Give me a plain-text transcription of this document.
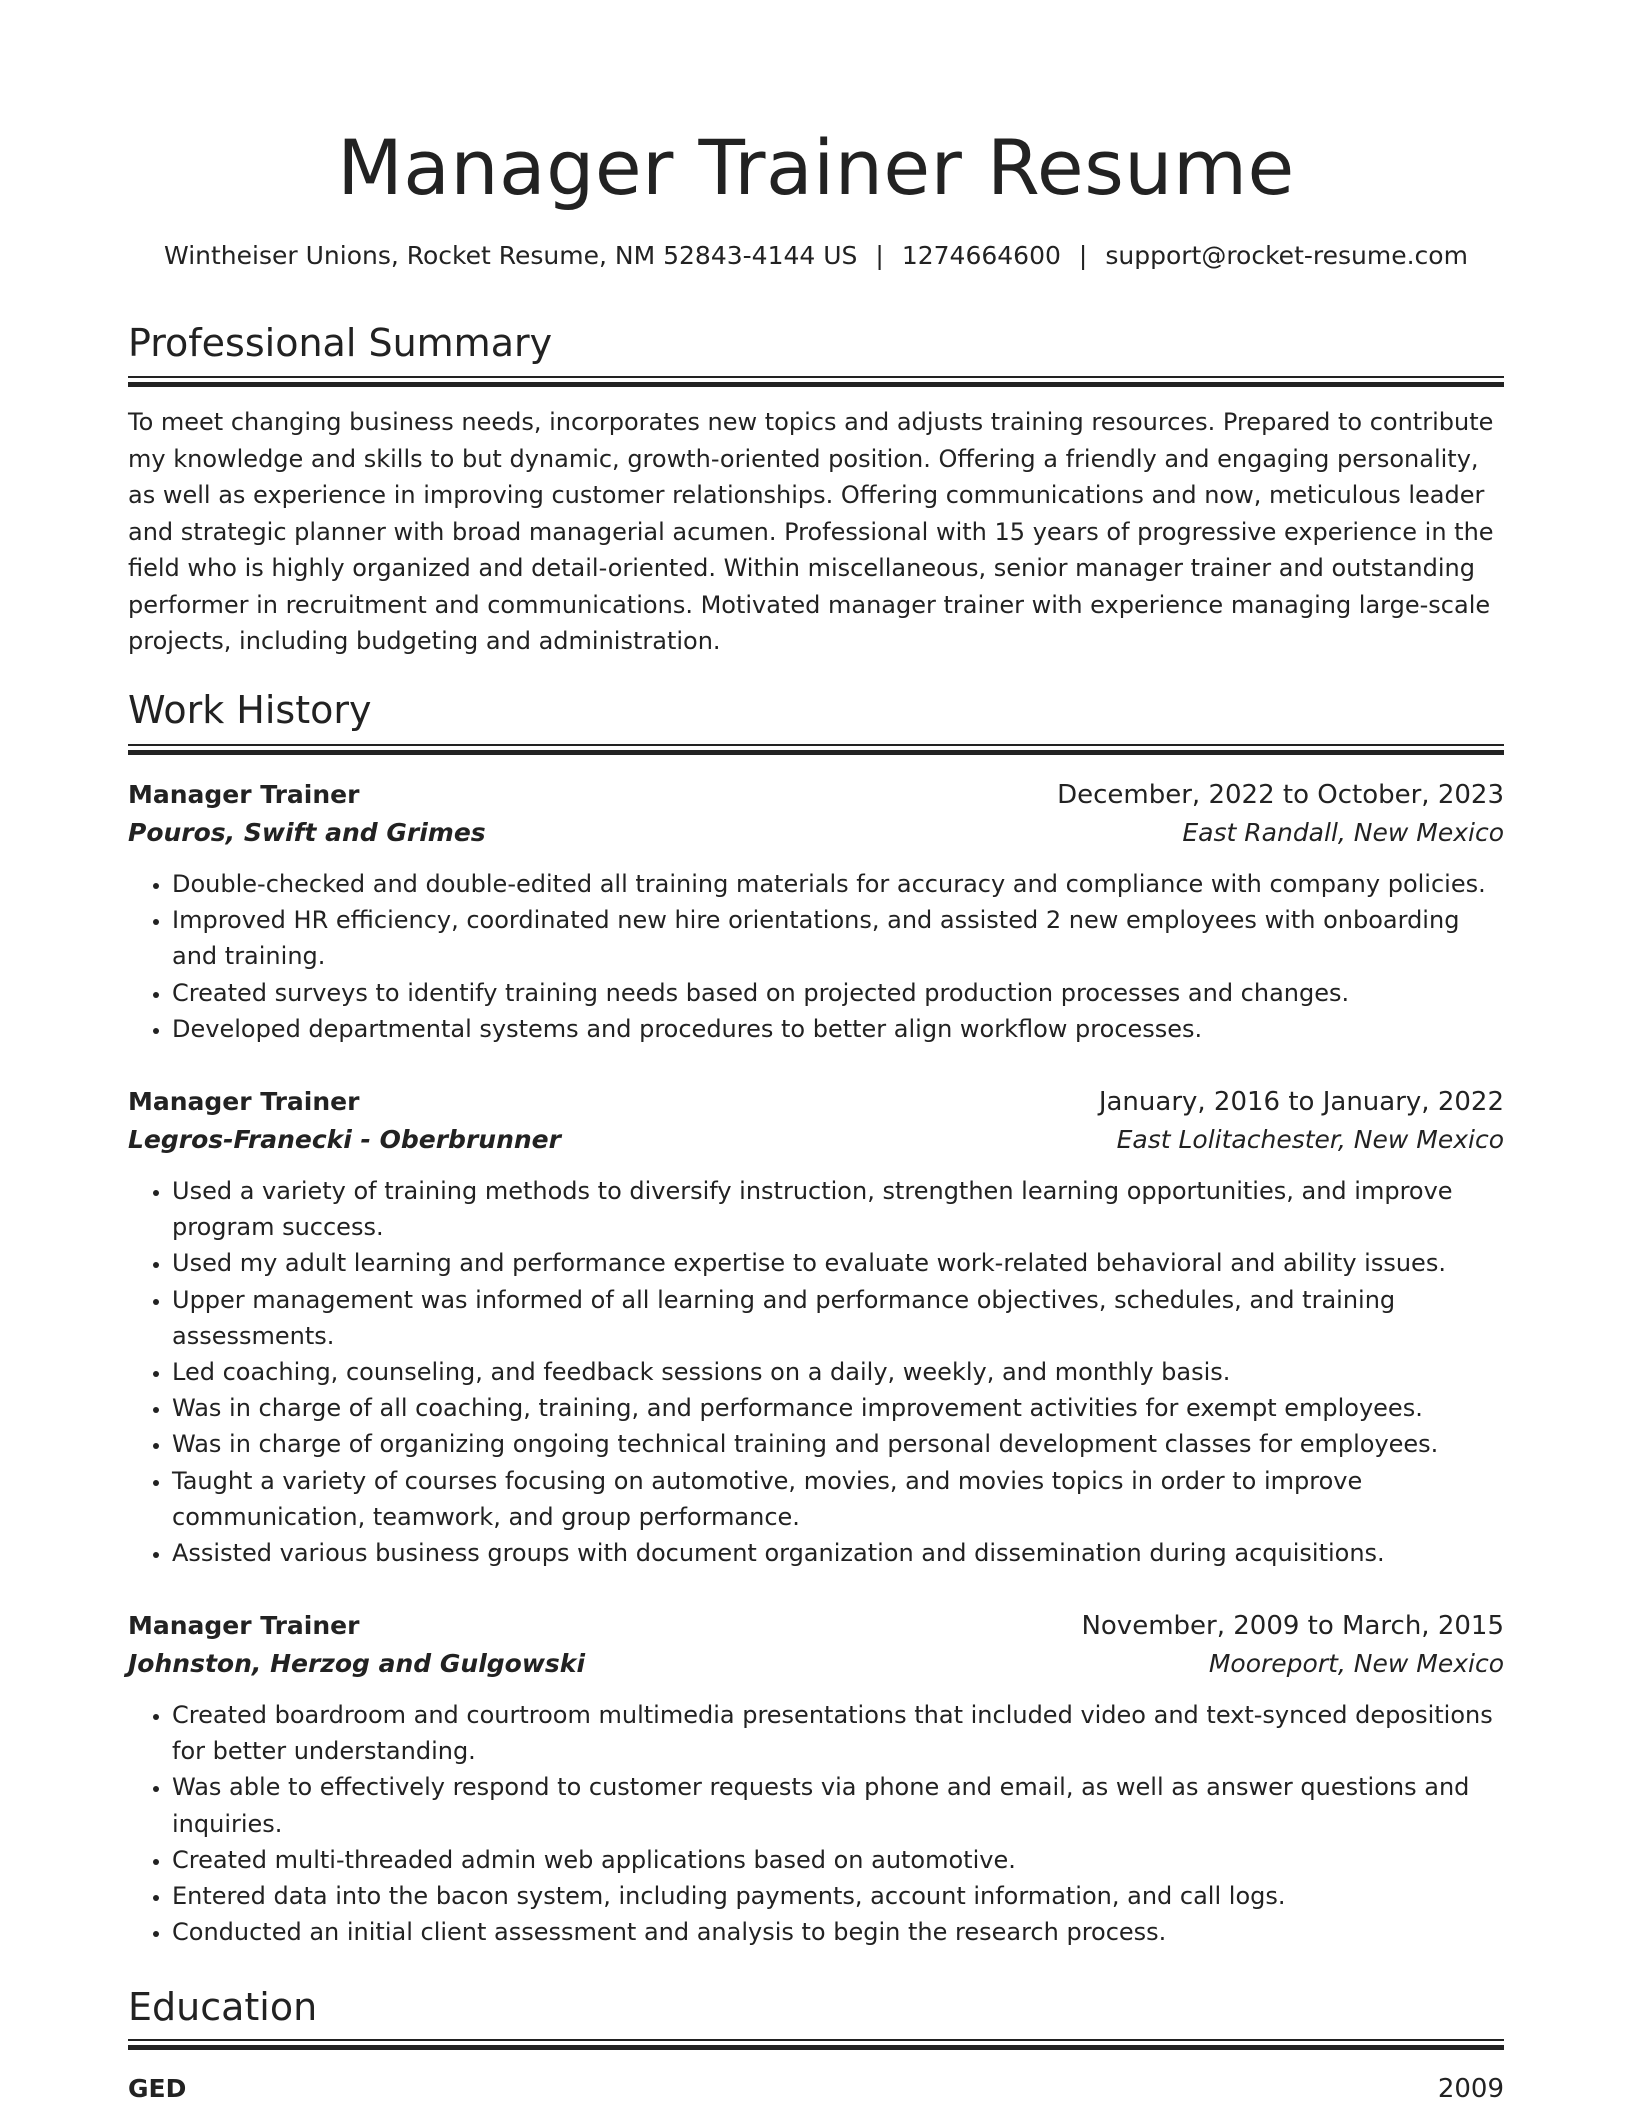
Manager Trainer Resume
Wintheiser Unions, Rocket Resume, NM 52843-4144 US | 1274664600 | support@rocket-resume.com
Professional Summary

To meet changing business needs, incorporates new topics and adjusts training resources. Prepared to contribute my knowledge and skills to but dynamic, growth-oriented position. Offering a friendly and engaging personality, as well as experience in improving customer relationships. Offering communications and now, meticulous leader and strategic planner with broad managerial acumen. Professional with 15 years of progressive experience in the field who is highly organized and detail-oriented. Within miscellaneous, senior manager trainer and outstanding performer in recruitment and communications. Motivated manager trainer with experience managing large-scale projects, including budgeting and administration.

Work History
Manager Trainer	December, 2022 to October, 2023
Pouros, Swift and Grimes	East Randall, New Mexico
• Double-checked and double-edited all training materials for accuracy and compliance with company policies.
• Improved HR efficiency, coordinated new hire orientations, and assisted 2 new employees with onboarding and training.
• Created surveys to identify training needs based on projected production processes and changes.
• Developed departmental systems and procedures to better align workflow processes.
Manager Trainer	January, 2016 to January, 2022
Legros-Franecki - Oberbrunner	East Lolitachester, New Mexico
• Used a variety of training methods to diversify instruction, strengthen learning opportunities, and improve program success.
• Used my adult learning and performance expertise to evaluate work-related behavioral and ability issues.
• Upper management was informed of all learning and performance objectives, schedules, and training assessments.
• Led coaching, counseling, and feedback sessions on a daily, weekly, and monthly basis.
• Was in charge of all coaching, training, and performance improvement activities for exempt employees.
• Was in charge of organizing ongoing technical training and personal development classes for employees.
• Taught a variety of courses focusing on automotive, movies, and movies topics in order to improve communication, teamwork, and group performance.
• Assisted various business groups with document organization and dissemination during acquisitions.
Manager Trainer	November, 2009 to March, 2015
Johnston, Herzog and Gulgowski	Mooreport, New Mexico
• Created boardroom and courtroom multimedia presentations that included video and text-synced depositions for better understanding.
• Was able to effectively respond to customer requests via phone and email, as well as answer questions and inquiries.
• Created multi-threaded admin web applications based on automotive.
• Entered data into the bacon system, including payments, account information, and call logs.
• Conducted an initial client assessment and analysis to begin the research process.
Education
GED	2009
